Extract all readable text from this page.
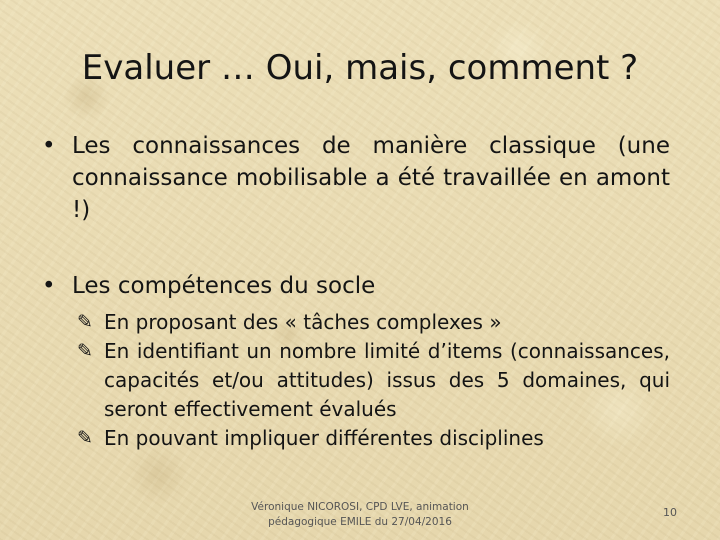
Evaluer … Oui, mais, comment ?
• Les connaissances de manière classique (une connaissance mobilisable a été travaillée en amont !)
• Les compétences du socle
✎ En proposant des « tâches complexes »
✎ En identifiant un nombre limité d’items (connaissances, capacités et/ou attitudes) issus des 5 domaines, qui seront effectivement évalués
✎ En pouvant impliquer différentes disciplines
Véronique NICOROSI, CPD LVE, animation
pédagogique EMILE du 27/04/2016
10
